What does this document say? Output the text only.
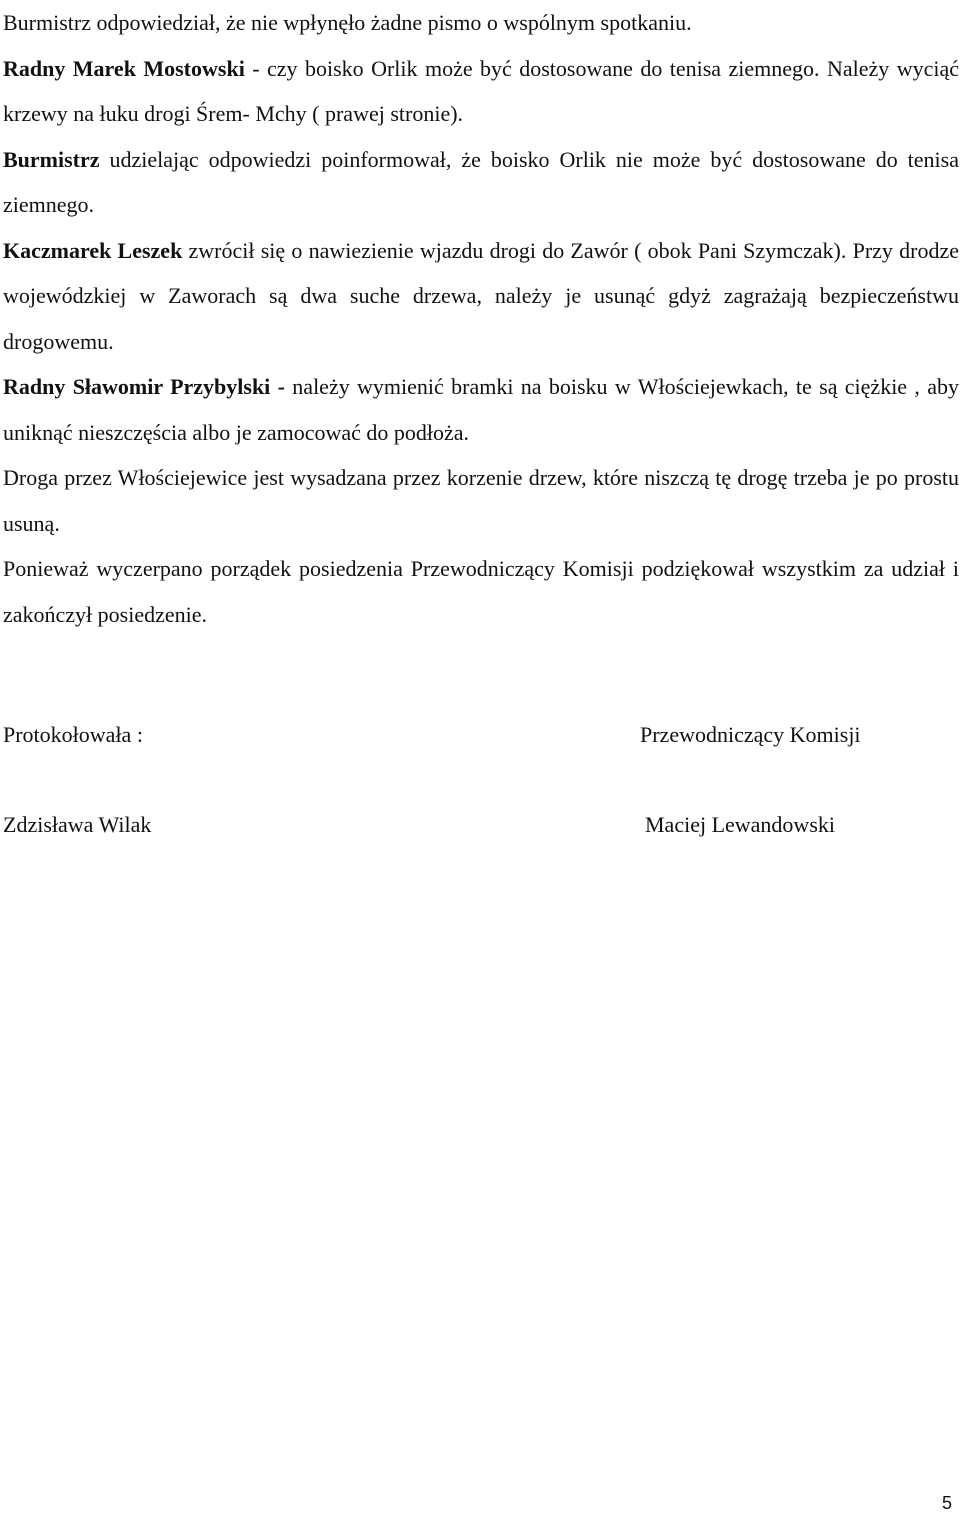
Burmistrz odpowiedział, że nie wpłynęło żadne pismo o wspólnym spotkaniu.

Radny Marek Mostowski - czy boisko Orlik może być dostosowane do tenisa ziemnego. Należy wyciąć krzewy na łuku drogi Śrem- Mchy ( prawej stronie).

Burmistrz udzielając odpowiedzi poinformował, że boisko Orlik nie może być dostosowane do tenisa ziemnego.

Kaczmarek Leszek zwrócił się o nawiezienie wjazdu drogi do Zawór ( obok Pani Szymczak). Przy drodze wojewódzkiej w Zaworach są dwa suche drzewa, należy je usunąć gdyż zagrażają bezpieczeństwu drogowemu.

Radny Sławomir Przybylski - należy wymienić bramki na boisku w Włościejewkach, te są ciężkie , aby uniknąć nieszczęścia albo je zamocować do podłoża.

Droga przez Włościejewice jest wysadzana przez korzenie drzew, które niszczą tę drogę trzeba je po prostu usuną.

Ponieważ wyczerpano porządek posiedzenia Przewodniczący Komisji podziękował wszystkim za udział i zakończył posiedzenie.

Protokołowała :
Zdzisława Wilak
Przewodniczący Komisji
Maciej Lewandowski
5
